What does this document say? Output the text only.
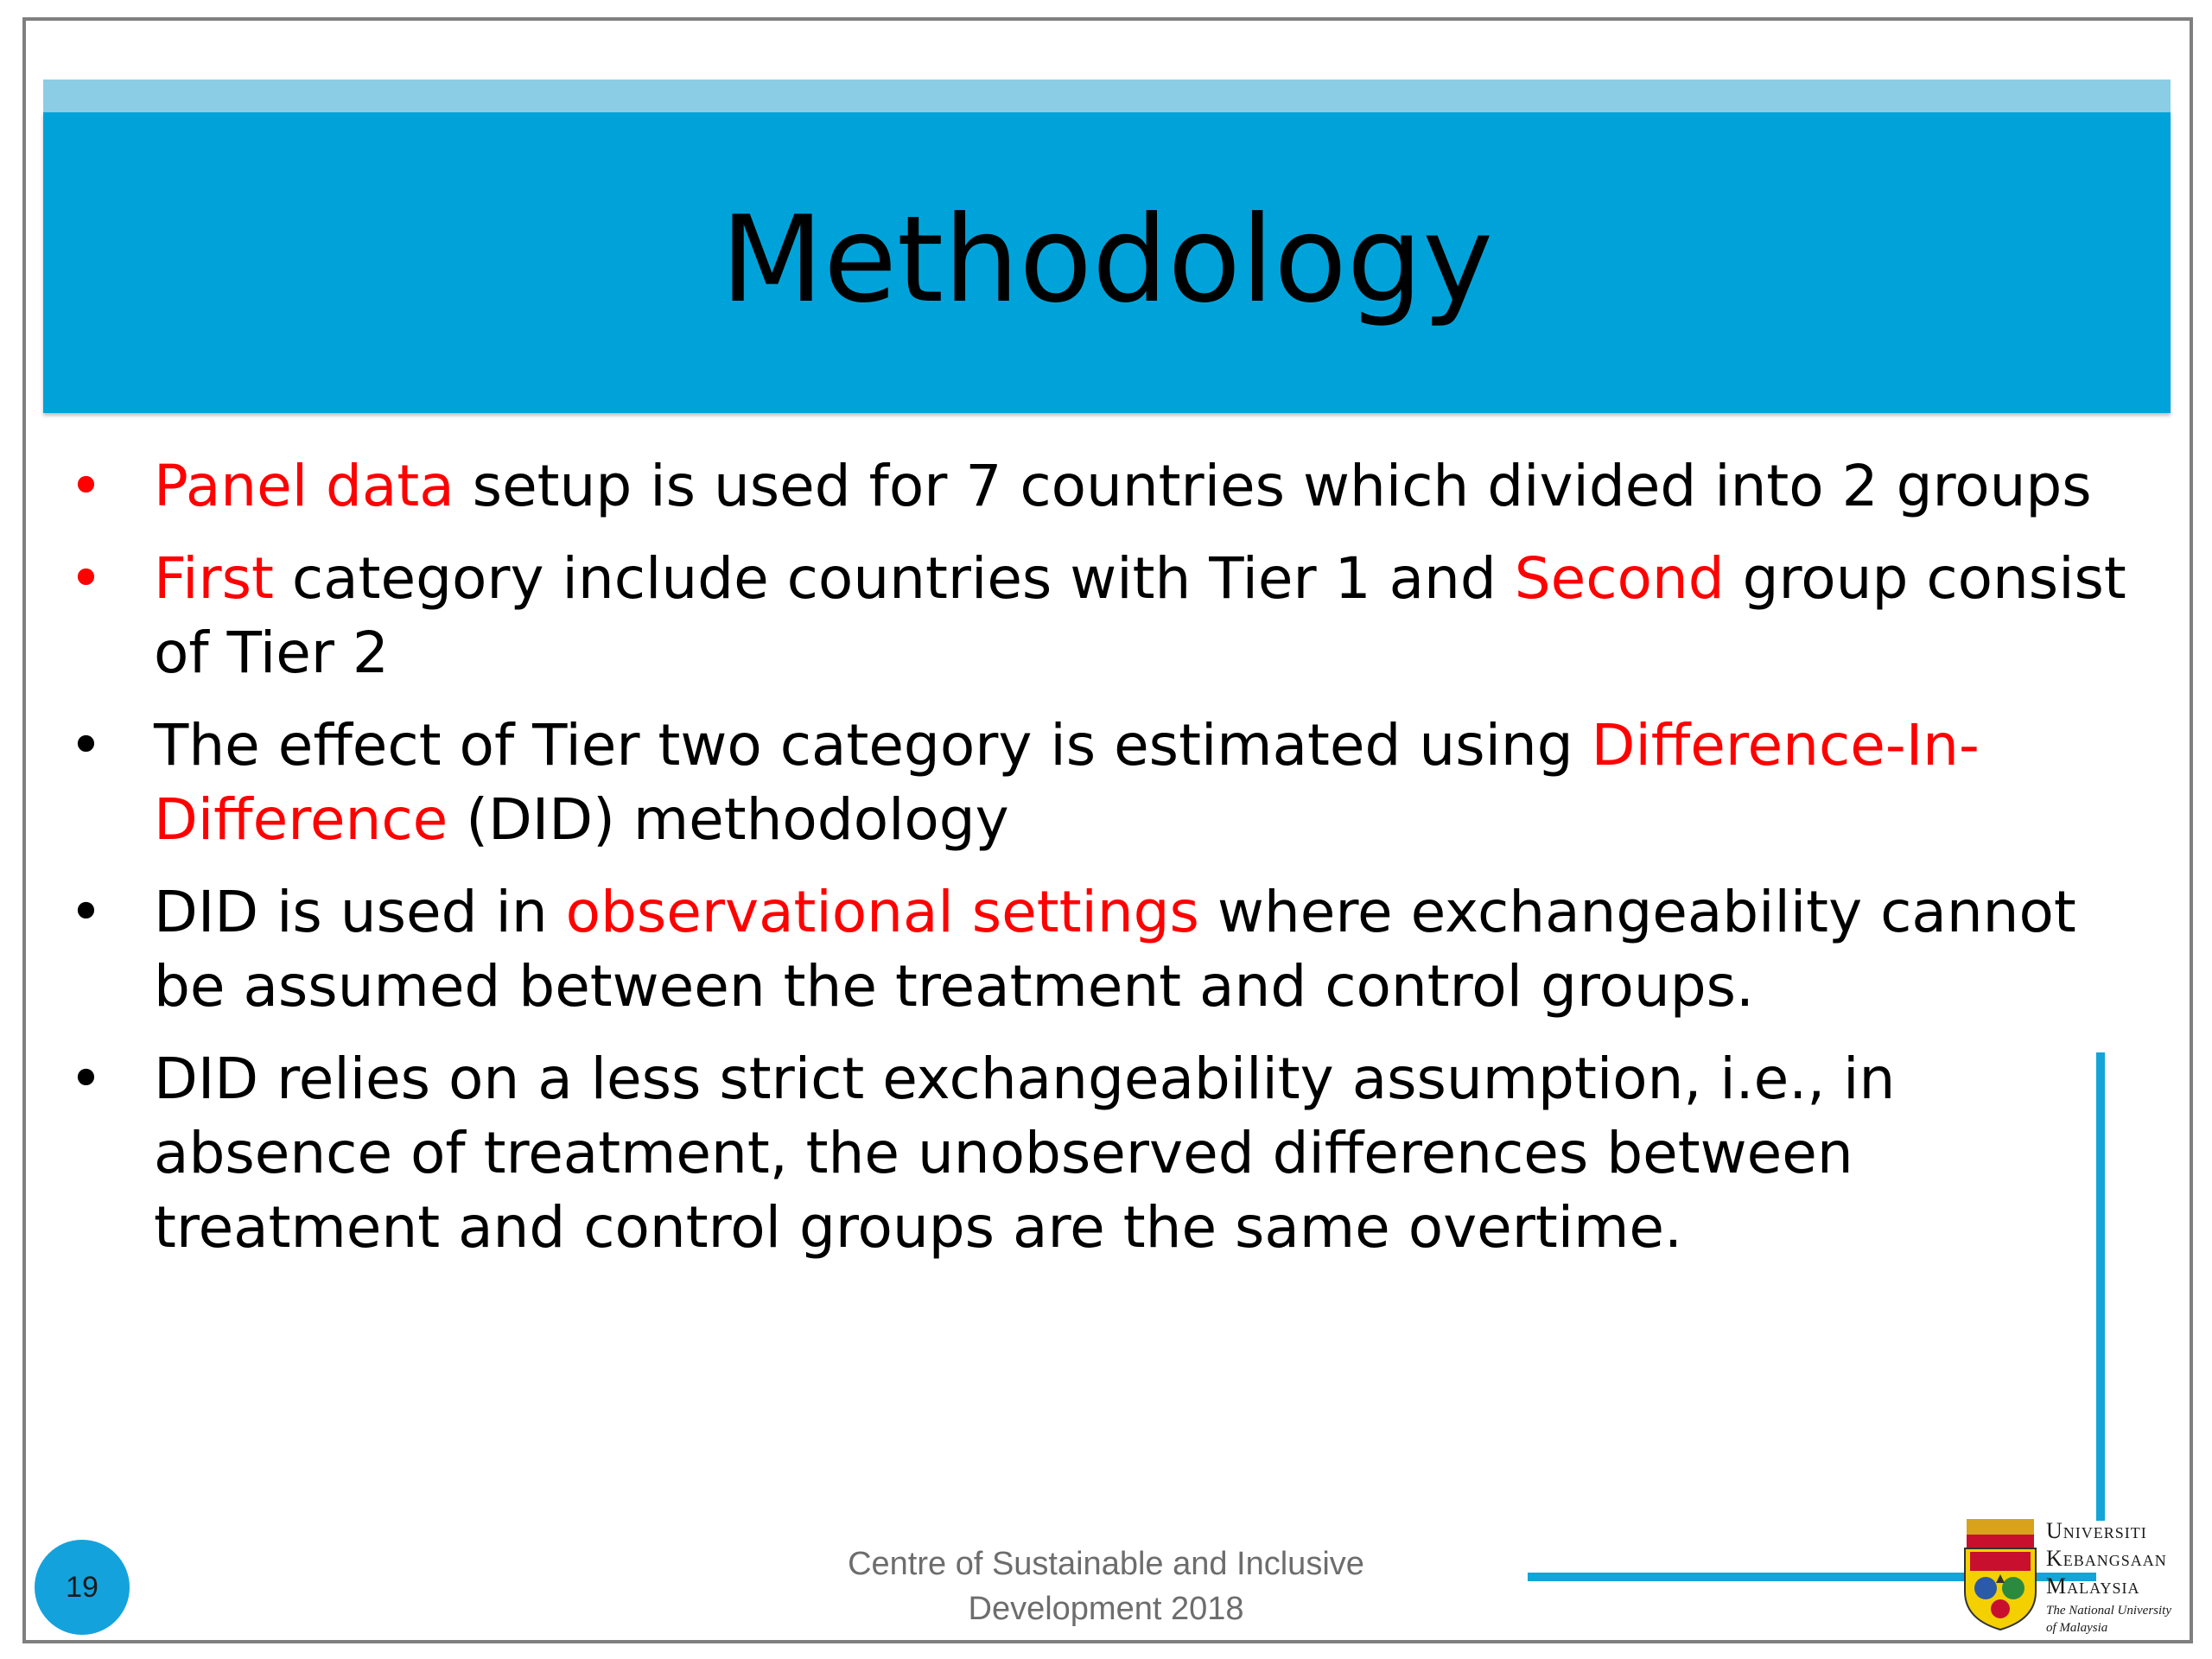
Methodology
• Panel data setup is used for 7 countries which divided into 2 groups
• First category include countries with Tier 1 and Second group consist of Tier 2
• The effect of Tier two category is estimated using Difference-In-Difference (DID) methodology
• DID is used in observational settings where exchangeability cannot be assumed between the treatment and control groups.
• DID relies on a less strict exchangeability assumption, i.e., in absence of treatment, the unobserved differences between treatment and control groups are the same overtime.
19
Centre of Sustainable and Inclusive
Development 2018
Universiti
Kebangsaan
Malaysia
The National University
of Malaysia
